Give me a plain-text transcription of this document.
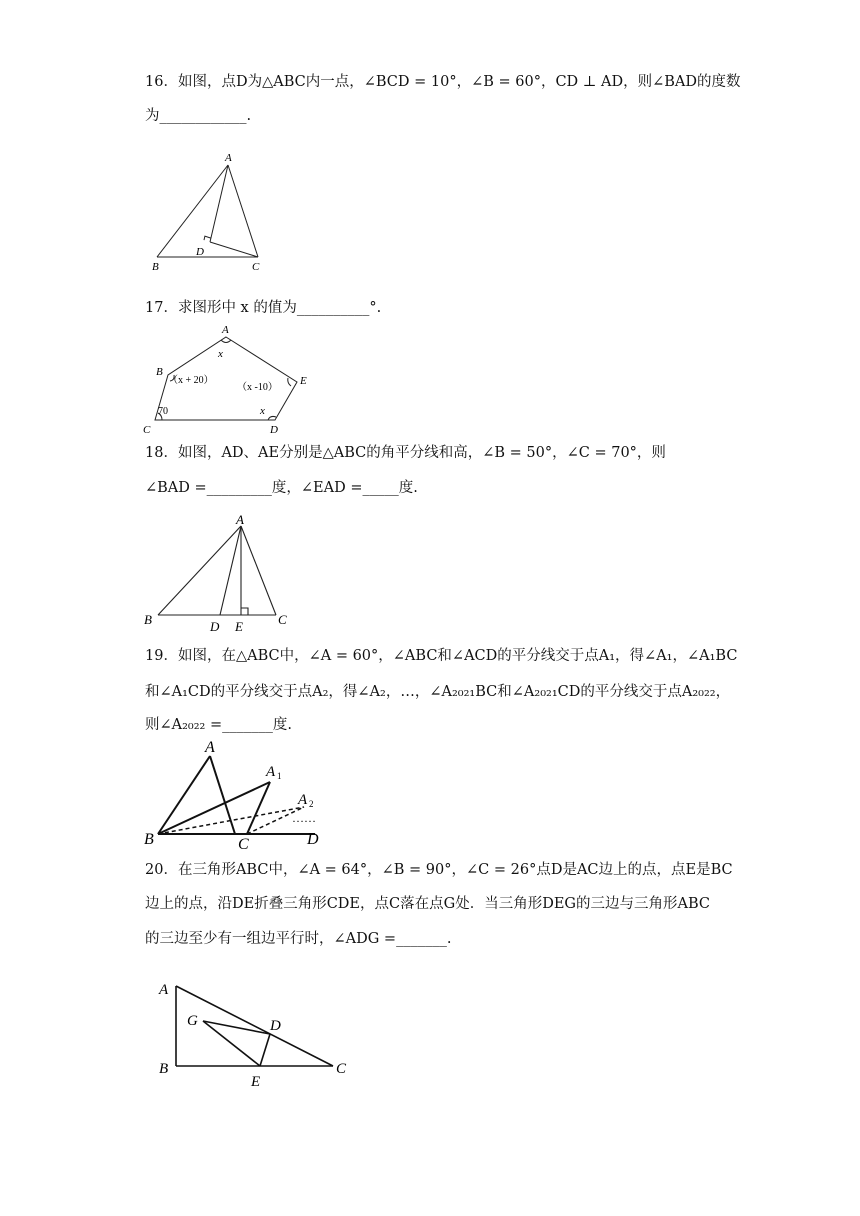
16．如图，点D为△ABC内一点，∠BCD = 10°，∠B = 60°，CD ⊥ AD，则∠BAD的度数
为____________.
A
B	C
D
17．求图形中 x 的值为__________°.
A
B
C	D
E
x
（x + 20）
（x -10）
x
70
18．如图，AD、AE分别是△ABC的角平分线和高，∠B = 50°，∠C = 70°，则
∠BAD =_________度，∠EAD =_____度.
A
B	C
D E
19．如图，在△ABC中，∠A = 60°，∠ABC和∠ACD的平分线交于点A₁，得∠A₁，∠A₁BC
和∠A₁CD的平分线交于点A₂，得∠A₂，…，∠A₂₀₂₁BC和∠A₂₀₂₁CD的平分线交于点A₂₀₂₂，
则∠A₂₀₂₂ =_______度.
A
A 1
A 2
B	C	D
……
20．在三角形ABC中，∠A = 64°，∠B = 90°，∠C = 26°点D是AC边上的点，点E是BC
边上的点，沿DE折叠三角形CDE，点C落在点G处．当三角形DEG的三边与三角形ABC
的三边至少有一组边平行时，∠ADG =_______.
A
B	C
D
E
G
